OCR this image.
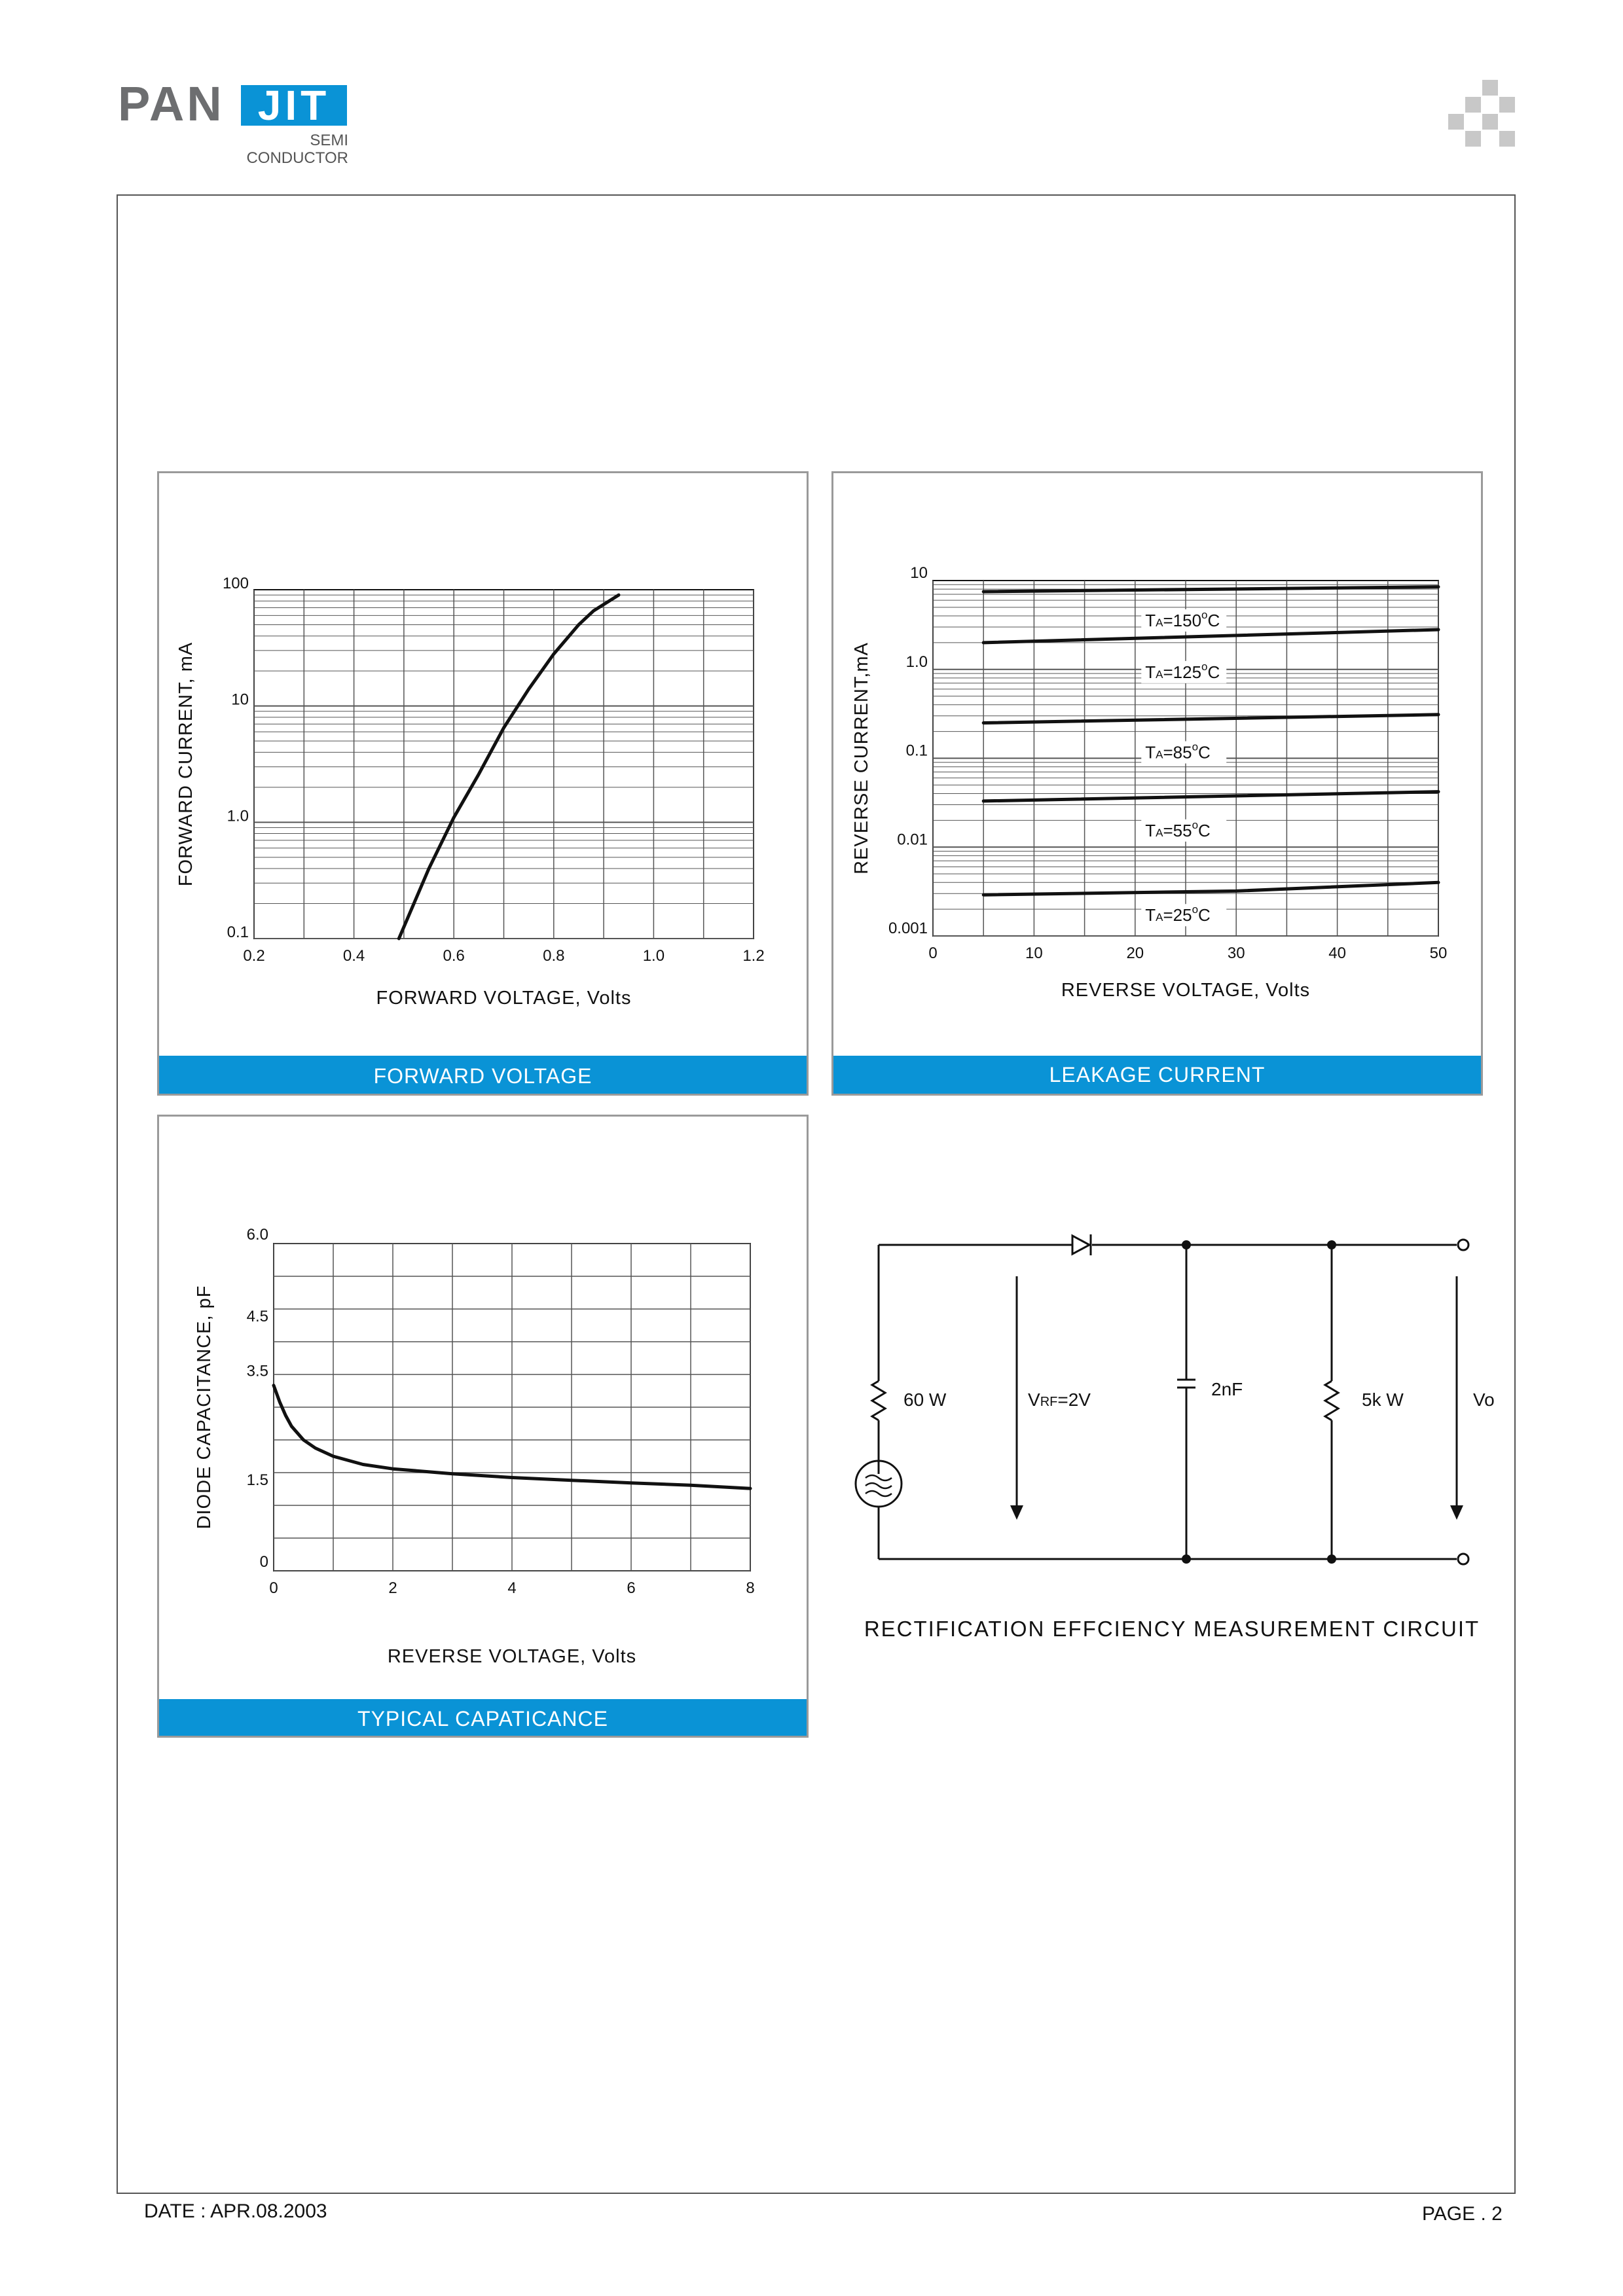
PAN JIT
SEMI
CONDUCTOR
0.2	0.4	0.6	0.8	1.0	1.2
0.1
1.0
10
100
FORWARD VOLTAGE, Volts
FORWARD CURRENT, mA
FORWARD VOLTAGE
0	10	20	30	40	50
0.001
0.01
0.1
1.0
10
REVERSE VOLTAGE, Volts
REVERSE CURRENT,mA
$TA=150^oC$
$TA=125^oC$
$TA=85^oC$
$TA=55^oC$
$TA=25^oC$
LEAKAGE CURRENT
0	2	4	6	8
0
1.5
3.5
4.5
6.0
REVERSE VOLTAGE, Volts
DIODE CAPACITANCE, pF
TYPICAL CAPATICANCE
60 W	VRF=2V
2nF
5k W	Vo
RECTIFICATION EFFCIENCY MEASUREMENT CIRCUIT
DATE : APR.08.2003	PAGE . 2
